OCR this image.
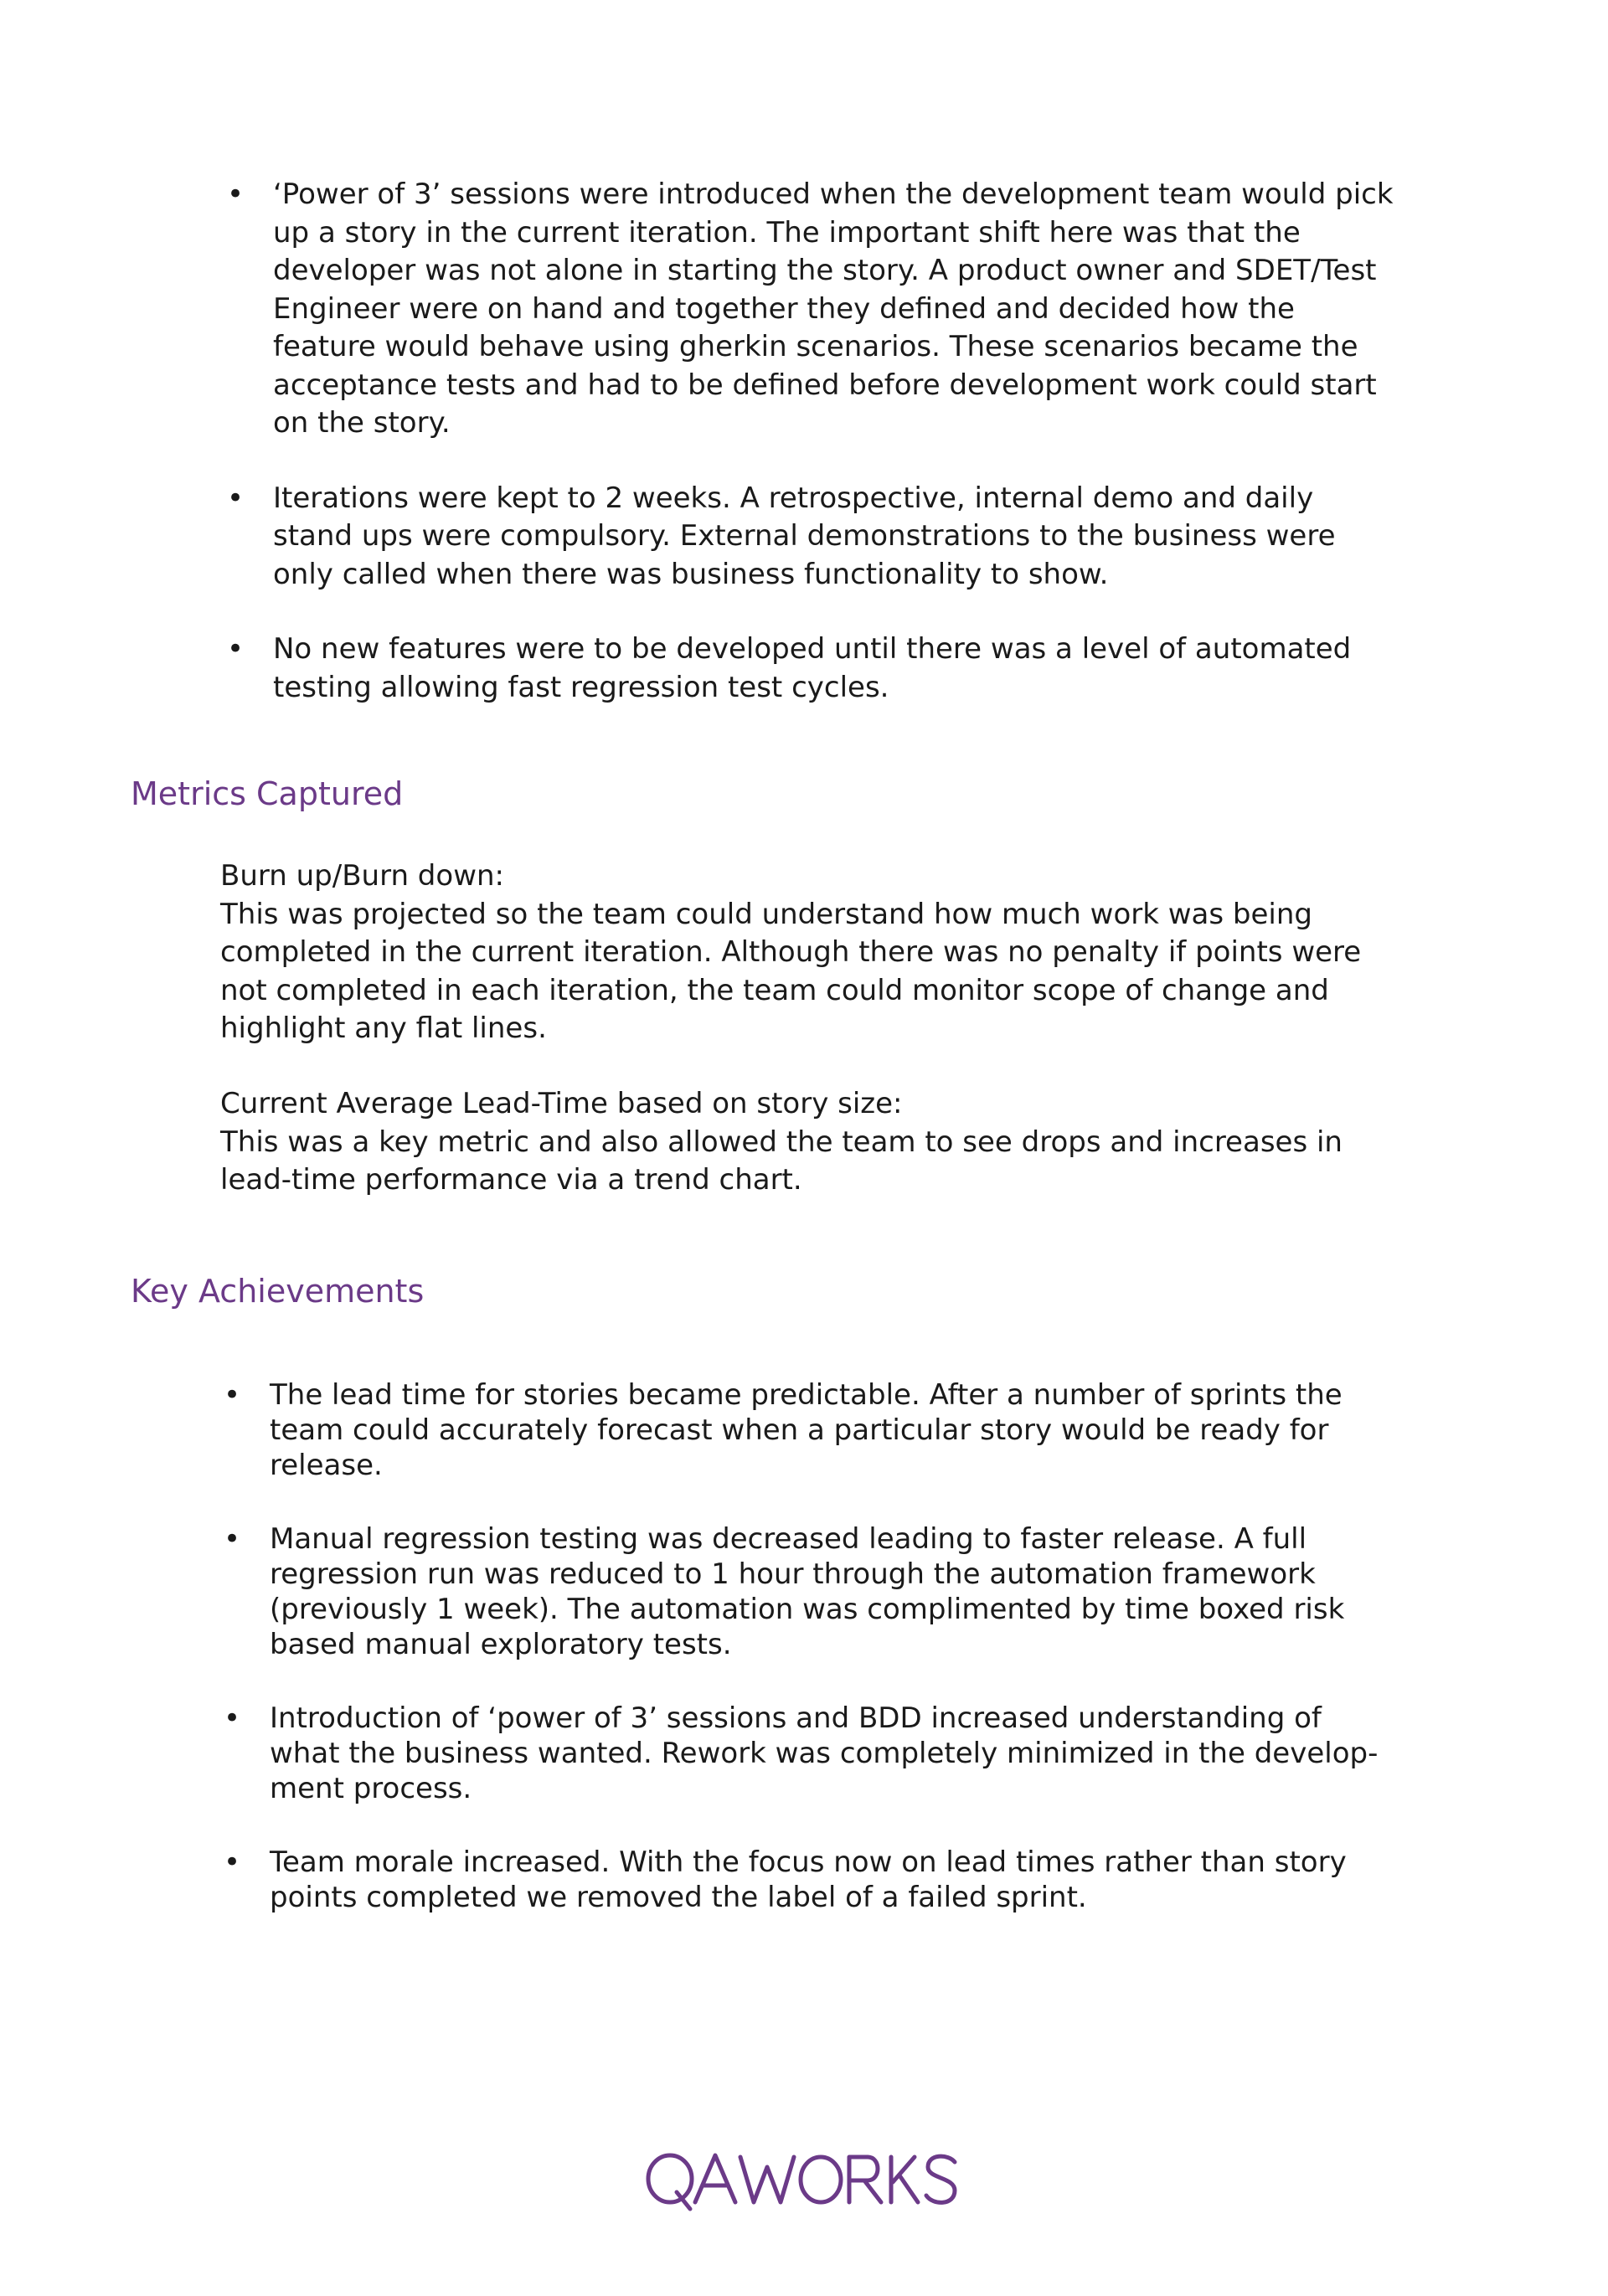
• ‘Power of 3’ sessions were introduced when the development team would pick up a story in the current iteration. The important shift here was that the developer was not alone in starting the story. A product owner and SDET/Test Engineer were on hand and together they defined and decided how the feature would behave using gherkin scenarios. These scenarios became the acceptance tests and had to be defined before development work could start on the story.
• Iterations were kept to 2 weeks. A retrospective, internal demo and daily stand ups were compulsory. External demonstrations to the business were only called when there was business functionality to show.
• No new features were to be developed until there was a level of automated testing allowing fast regression test cycles.
Metrics Captured

Burn up/Burn down:

This was projected so the team could understand how much work was being completed in the current iteration. Although there was no penalty if points were not completed in each iteration, the team could monitor scope of change and highlight any flat lines.

Current Average Lead-Time based on story size:

This was a key metric and also allowed the team to see drops and increases in lead-time performance via a trend chart.

Key Achievements
• The lead time for stories became predictable. After a number of sprints the team could accurately forecast when a particular story would be ready for release.
• Manual regression testing was decreased leading to faster release. A full regression run was reduced to 1 hour through the automation framework (previously 1 week). The automation was complimented by time boxed risk based manual exploratory tests.
• Introduction of ‘power of 3’ sessions and BDD increased understanding of what the business wanted. Rework was completely minimized in the develop-ment process.
• Team morale increased. With the focus now on lead times rather than story points completed we removed the label of a failed sprint.
